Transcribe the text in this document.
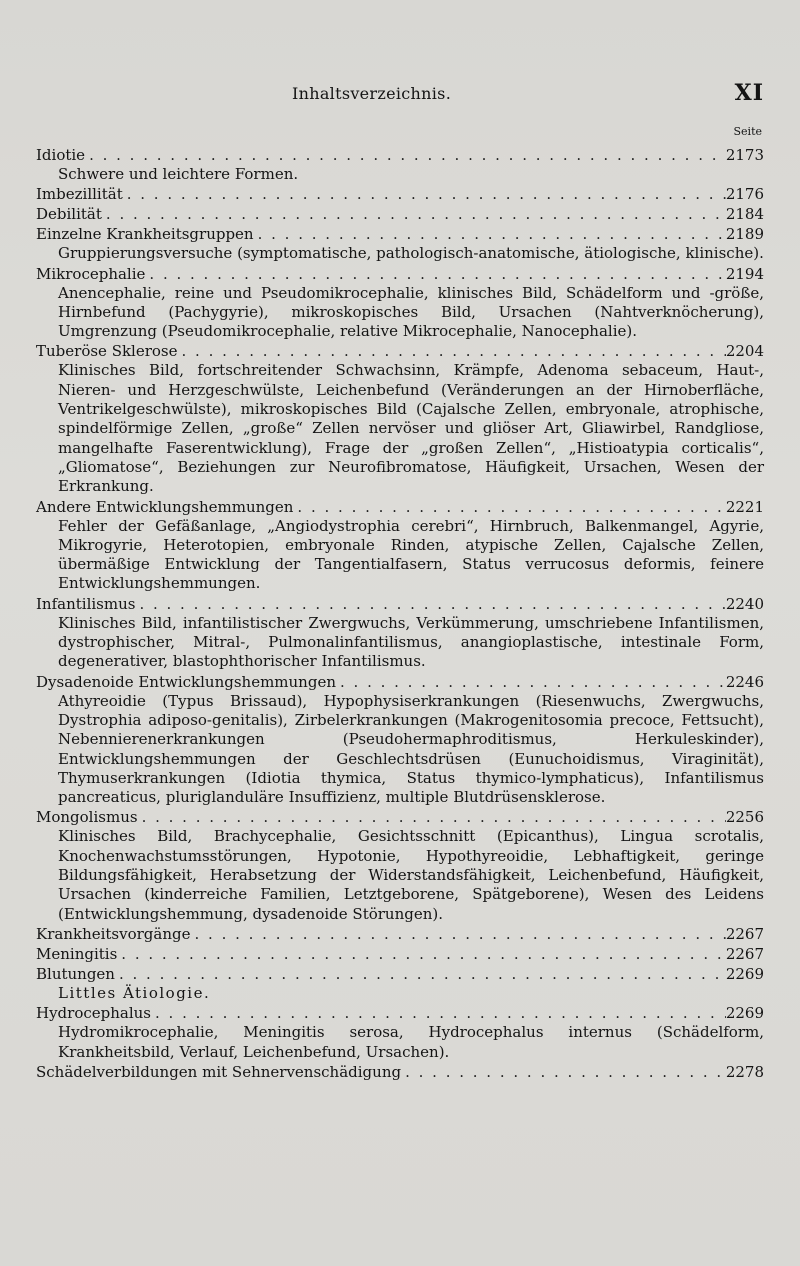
Inhaltsverzeichnis.	XI
Seite
Idiotie . . .	2173
Schwere und leichtere Formen.
Imbezillität . . .	2176
Debilität . . .	2184
Einzelne Krankheitsgruppen . . .	2189
Gruppierungsversuche (symptomatische, pathologisch-anatomische, ätiologische, klinische).
Mikrocephalie . . .	2194
Anencephalie, reine und Pseudomikrocephalie, klinisches Bild, Schädelform und -größe, Hirnbefund (Pachygyrie), mikroskopisches Bild, Ursachen (Nahtverknöcherung), Umgrenzung (Pseudomikrocephalie, relative Mikrocephalie, Nanocephalie).
Tuberöse Sklerose . . .	2204
Klinisches Bild, fortschreitender Schwachsinn, Krämpfe, Adenoma sebaceum, Haut-, Nieren- und Herzgeschwülste, Leichenbefund (Veränderungen an der Hirnoberfläche, Ventrikelgeschwülste), mikroskopisches Bild (Cajalsche Zellen, embryonale, atrophische, spindelförmige Zellen, „große“ Zellen nervöser und gliöser Art, Gliawirbel, Randgliose, mangelhafte Faserentwicklung), Frage der „großen Zellen“, „Histioatypia corticalis“, „Gliomatose“, Beziehungen zur Neurofibromatose, Häufigkeit, Ursachen, Wesen der Erkrankung.
Andere Entwicklungshemmungen . . .	2221
Fehler der Gefäßanlage, „Angiodystrophia cerebri“, Hirnbruch, Balkenmangel, Agyrie, Mikrogyrie, Heterotopien, embryonale Rinden, atypische Zellen, Cajalsche Zellen, übermäßige Entwicklung der Tangentialfasern, Status verrucosus deformis, feinere Entwicklungshemmungen.
Infantilismus . . .	2240
Klinisches Bild, infantilistischer Zwergwuchs, Verkümmerung, umschriebene Infantilismen, dystrophischer, Mitral-, Pulmonalinfantilismus, anangioplastische, intestinale Form, degenerativer, blastophthorischer Infantilismus.
Dysadenoide Entwicklungshemmungen . . .	2246
Athyreoidie (Typus Brissaud), Hypophysiserkrankungen (Riesenwuchs, Zwergwuchs, Dystrophia adiposo-genitalis), Zirbelerkrankungen (Makrogenitosomia precoce, Fettsucht), Nebennierenerkrankungen (Pseudohermaphroditismus, Herkuleskinder), Entwicklungshemmungen der Geschlechtsdrüsen (Eunuchoidismus, Viraginität), Thymuserkrankungen (Idiotia thymica, Status thymico-lymphaticus), Infantilismus pancreaticus, pluriglanduläre Insuffizienz, multiple Blutdrüsensklerose.
Mongolismus . . .	2256
Klinisches Bild, Brachycephalie, Gesichtsschnitt (Epicanthus), Lingua scrotalis, Knochenwachstumsstörungen, Hypotonie, Hypothyreoidie, Lebhaftigkeit, geringe Bildungsfähigkeit, Herabsetzung der Widerstandsfähigkeit, Leichenbefund, Häufigkeit, Ursachen (kinderreiche Familien, Letztgeborene, Spätgeborene), Wesen des Leidens (Entwicklungshemmung, dysadenoide Störungen).
Krankheitsvorgänge . . .	2267
Meningitis . . .	2267
Blutungen . . .	2269
Littles Ätiologie.
Hydrocephalus . . .	2269
Hydromikrocephalie, Meningitis serosa, Hydrocephalus internus (Schädelform, Krankheitsbild, Verlauf, Leichenbefund, Ursachen).
Schädelverbildungen mit Sehnervenschädigung . . .	2278
